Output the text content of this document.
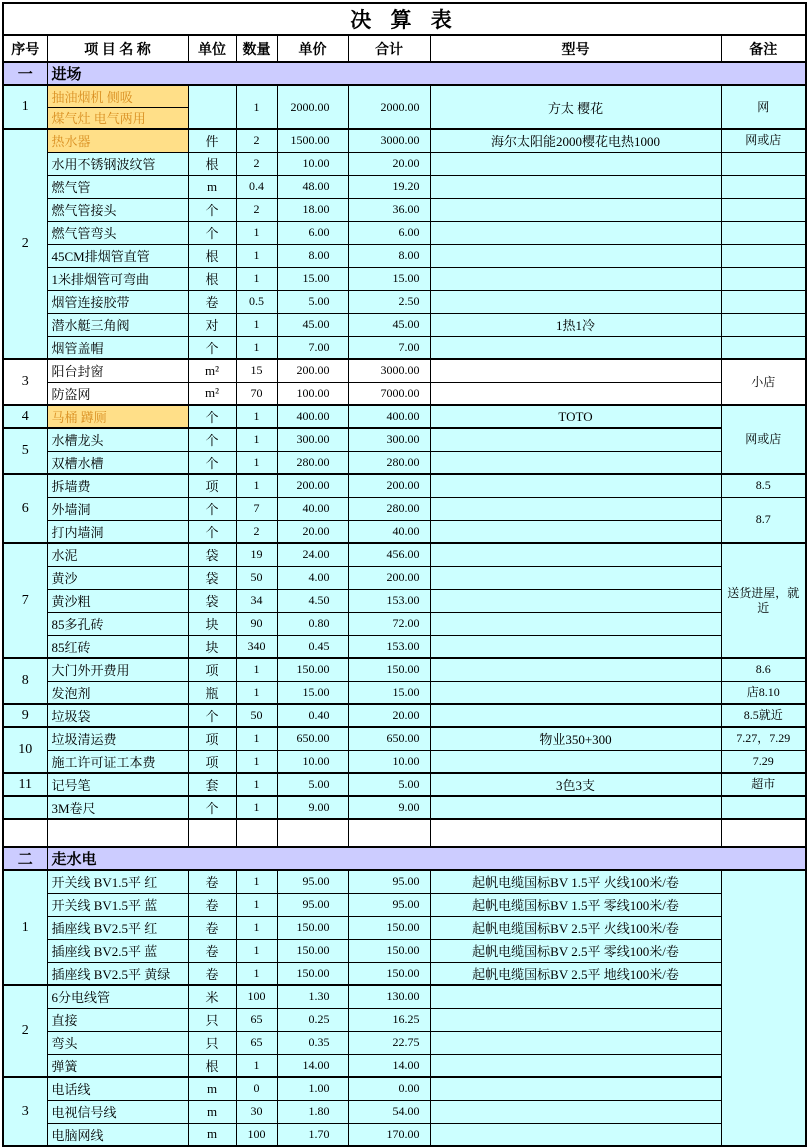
决 算 表							
序号	项 目 名 称	单位	数量	单价	合计	型号	备注
一	进场						
1	抽油烟机 侧吸		1	2000.00	2000.00	方太 樱花	网
	煤气灶 电气两用						
2	热水器	件	2	1500.00	3000.00	海尔太阳能2000樱花电热1000	网或店
	水用不锈钢波纹管	根	2	10.00	20.00		
	燃气管	m	0.4	48.00	19.20		
	燃气管接头	个	2	18.00	36.00		
	燃气管弯头	个	1	6.00	6.00		
	45CM排烟管直管	根	1	8.00	8.00		
	1米排烟管可弯曲	根	1	15.00	15.00		
	烟管连接胶带	卷	0.5	5.00	2.50		
	潜水艇三角阀	对	1	45.00	45.00	1热1冷	
	烟管盖帽	个	1	7.00	7.00		
3	阳台封窗	m²	15	200.00	3000.00		小店
	防盗网	m²	70	100.00	7000.00		
4	马桶 蹲厕	个	1	400.00	400.00	TOTO	网或店
5	水槽龙头	个	1	300.00	300.00		
	双槽水槽	个	1	280.00	280.00		
6	拆墙费	项	1	200.00	200.00		8.5
	外墙洞	个	7	40.00	280.00		8.7
	打内墙洞	个	2	20.00	40.00		
7	水泥	袋	19	24.00	456.00		送货进屋，就近
	黄沙	袋	50	4.00	200.00		
	黄沙粗	袋	34	4.50	153.00		
	85多孔砖	块	90	0.80	72.00		
	85红砖	块	340	0.45	153.00		
8	大门外开费用	项	1	150.00	150.00		8.6
	发泡剂	瓶	1	15.00	15.00		店8.10
9	垃圾袋	个	50	0.40	20.00		8.5就近
10	垃圾清运费	项	1	650.00	650.00	物业350+300	7.27，7.29
	施工许可证工本费	项	1	10.00	10.00		7.29
11	记号笔	套	1	5.00	5.00	3色3支	超市
	3M卷尺	个	1	9.00	9.00		

二	走水电						
1	开关线 BV1.5平 红	卷	1	95.00	95.00	起帆电缆国标BV 1.5平 火线100米/卷	
	开关线 BV1.5平 蓝	卷	1	95.00	95.00	起帆电缆国标BV 1.5平 零线100米/卷	
	插座线 BV2.5平 红	卷	1	150.00	150.00	起帆电缆国标BV 2.5平 火线100米/卷	
	插座线 BV2.5平 蓝	卷	1	150.00	150.00	起帆电缆国标BV 2.5平 零线100米/卷	
	插座线 BV2.5平 黄绿	卷	1	150.00	150.00	起帆电缆国标BV 2.5平 地线100米/卷	
2	6分电线管	米	100	1.30	130.00		
	直接	只	65	0.25	16.25		
	弯头	只	65	0.35	22.75		
	弹簧	根	1	14.00	14.00		
3	电话线	m	0	1.00	0.00		
	电视信号线	m	30	1.80	54.00		
	电脑网线	m	100	1.70	170.00		
